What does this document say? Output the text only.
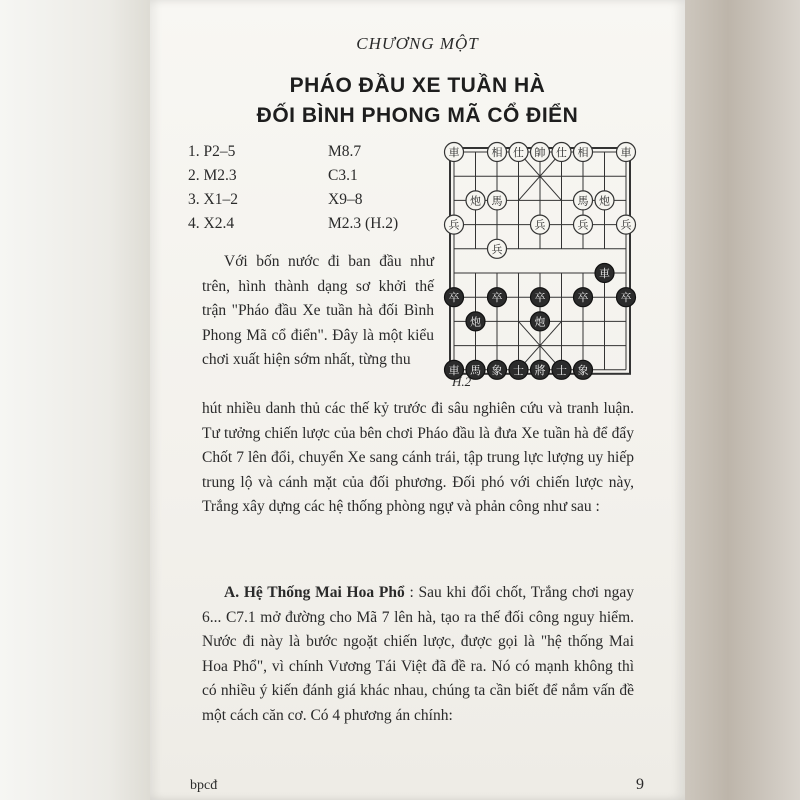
CHƯƠNG MỘT
PHÁO ĐẦU XE TUẦN HÀ
ĐỐI BÌNH PHONG MÃ CỔ ĐIỂN
1. P2–5	M8.7
2. M2.3	C3.1
3. X1–2	X9–8
4. X2.4	M2.3 (H.2)
車	相 仕 帥 仕 相	車
炮 馬	馬 炮
兵	兵	兵	兵
兵
車
卒	卒	卒	卒	卒
炮	炮
車 馬 象 士 將 士 象
H.2
Với bốn nước đi ban đầu như trên, hình thành dạng sơ khởi thế trận "Pháo đầu Xe tuần hà đối Bình Phong Mã cổ điển". Đây là một kiểu chơi xuất hiện sớm nhất, từng thu
hút nhiều danh thủ các thế kỷ trước đi sâu nghiên cứu và tranh luận. Tư tưởng chiến lược của bên chơi Pháo đầu là đưa Xe tuần hà để đẩy Chốt 7 lên đổi, chuyển Xe sang cánh trái, tập trung lực lượng uy hiếp trung lộ và cánh mặt của đối phương. Đối phó với chiến lược này, Trắng xây dựng các hệ thống phòng ngự và phản công như sau :
A. Hệ Thống Mai Hoa Phổ : Sau khi đổi chốt, Trắng chơi ngay 6... C7.1 mở đường cho Mã 7 lên hà, tạo ra thế đối công nguy hiểm. Nước đi này là bước ngoặt chiến lược, được gọi là "hệ thống Mai Hoa Phổ", vì chính Vương Tái Việt đã đề ra. Nó có mạnh không thì có nhiều ý kiến đánh giá khác nhau, chúng ta cần biết để nắm vấn đề một cách căn cơ. Có 4 phương án chính:
bpcđ	9
